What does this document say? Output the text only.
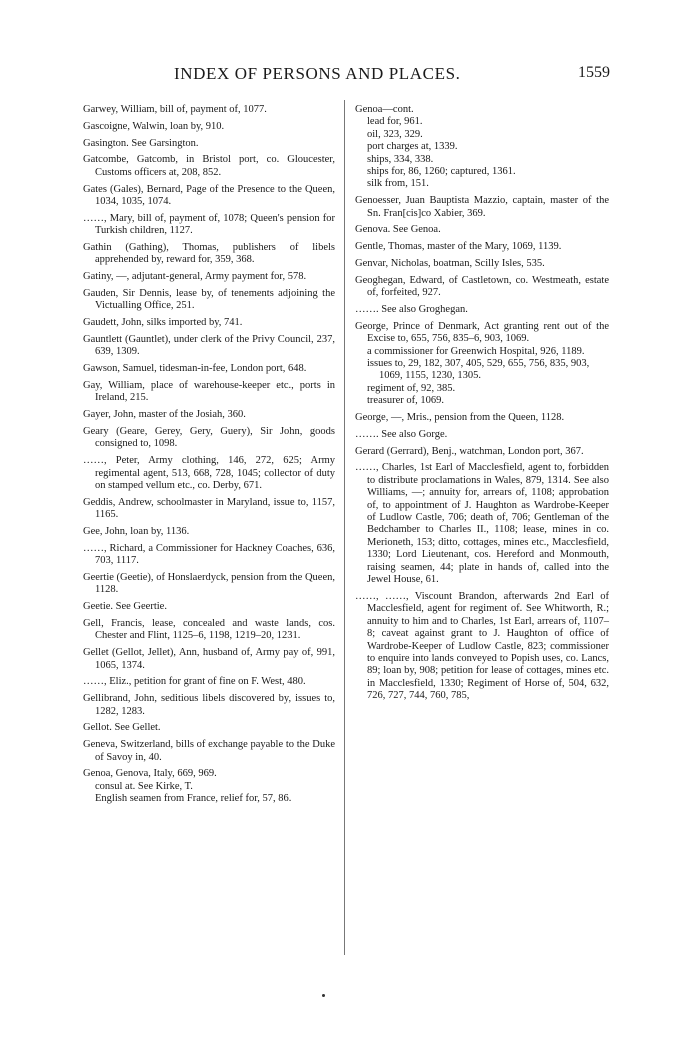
INDEX OF PERSONS AND PLACES.	1559

Garwey, William, bill of, payment of, 1077.

Gascoigne, Walwin, loan by, 910.

Gasington. See Garsington.

Gatcombe, Gatcomb, in Bristol port, co. Gloucester, Customs officers at, 208, 852.

Gates (Gales), Bernard, Page of the Presence to the Queen, 1034, 1035, 1074.

……, Mary, bill of, payment of, 1078; Queen's pension for Turkish children, 1127.

Gathin (Gathing), Thomas, publishers of libels apprehended by, reward for, 359, 368.

Gatiny, —, adjutant-general, Army payment for, 578.

Gauden, Sir Dennis, lease by, of tenements adjoining the Victualling Office, 251.

Gaudett, John, silks imported by, 741.

Gauntlett (Gauntlet), under clerk of the Privy Council, 237, 639, 1309.

Gawson, Samuel, tidesman-in-fee, London port, 648.

Gay, William, place of warehouse-keeper etc., ports in Ireland, 215.

Gayer, John, master of the Josiah, 360.

Geary (Geare, Gerey, Gery, Guery), Sir John, goods consigned to, 1098.

……, Peter, Army clothing, 146, 272, 625; Army regimental agent, 513, 668, 728, 1045; collector of duty on stamped vellum etc., co. Derby, 671.

Geddis, Andrew, schoolmaster in Maryland, issue to, 1157, 1165.

Gee, John, loan by, 1136.

……, Richard, a Commissioner for Hackney Coaches, 636, 703, 1117.

Geertie (Geetie), of Honslaerdyck, pension from the Queen, 1128.

Geetie. See Geertie.

Gell, Francis, lease, concealed and waste lands, cos. Chester and Flint, 1125–6, 1198, 1219–20, 1231.

Gellet (Gellot, Jellet), Ann, husband of, Army pay of, 991, 1065, 1374.

……, Eliz., petition for grant of fine on F. West, 480.

Gellibrand, John, seditious libels discovered by, issues to, 1282, 1283.

Gellot. See Gellet.

Geneva, Switzerland, bills of exchange payable to the Duke of Savoy in, 40.

Genoa, Genova, Italy, 669, 969.

consul at. See Kirke, T.

English seamen from France, relief for, 57, 86.

Genoa—cont.

lead for, 961.

oil, 323, 329.

port charges at, 1339.

ships, 334, 338.

ships for, 86, 1260; captured, 1361.

silk from, 151.

Genoesser, Juan Bauptista Mazzio, captain, master of the Sn. Fran[cis]co Xabier, 369.

Genova. See Genoa.

Gentle, Thomas, master of the Mary, 1069, 1139.

Genvar, Nicholas, boatman, Scilly Isles, 535.

Geoghegan, Edward, of Castletown, co. Westmeath, estate of, forfeited, 927.

……. See also Groghegan.

George, Prince of Denmark, Act granting rent out of the Excise to, 655, 756, 835–6, 903, 1069.

a commissioner for Greenwich Hospital, 926, 1189.

issues to, 29, 182, 307, 405, 529, 655, 756, 835, 903, 1069, 1155, 1230, 1305.

regiment of, 92, 385.

treasurer of, 1069.

George, —, Mris., pension from the Queen, 1128.

……. See also Gorge.

Gerard (Gerrard), Benj., watchman, London port, 367.

……, Charles, 1st Earl of Macclesfield, agent to, forbidden to distribute proclamations in Wales, 879, 1314. See also Williams, —; annuity for, arrears of, 1108; approbation of, to appointment of J. Haughton as Wardrobe-Keeper of Ludlow Castle, 706; death of, 706; Gentleman of the Bedchamber to Charles II., 1108; lease, mines in co. Merioneth, 153; ditto, cottages, mines etc., Macclesfield, 1330; Lord Lieutenant, cos. Hereford and Monmouth, raising seamen, 44; plate in hands of, called into the Jewel House, 61.

……, ……, Viscount Brandon, afterwards 2nd Earl of Macclesfield, agent for regiment of. See Whitworth, R.; annuity to him and to Charles, 1st Earl, arrears of, 1107–8; caveat against grant to J. Haughton of office of Wardrobe-Keeper of Ludlow Castle, 823; commissioner to enquire into lands conveyed to Popish uses, co. Lancs, 89; loan by, 908; petition for lease of cottages, mines etc. in Macclesfield, 1330; Regiment of Horse of, 504, 632, 726, 727, 744, 760, 785,
